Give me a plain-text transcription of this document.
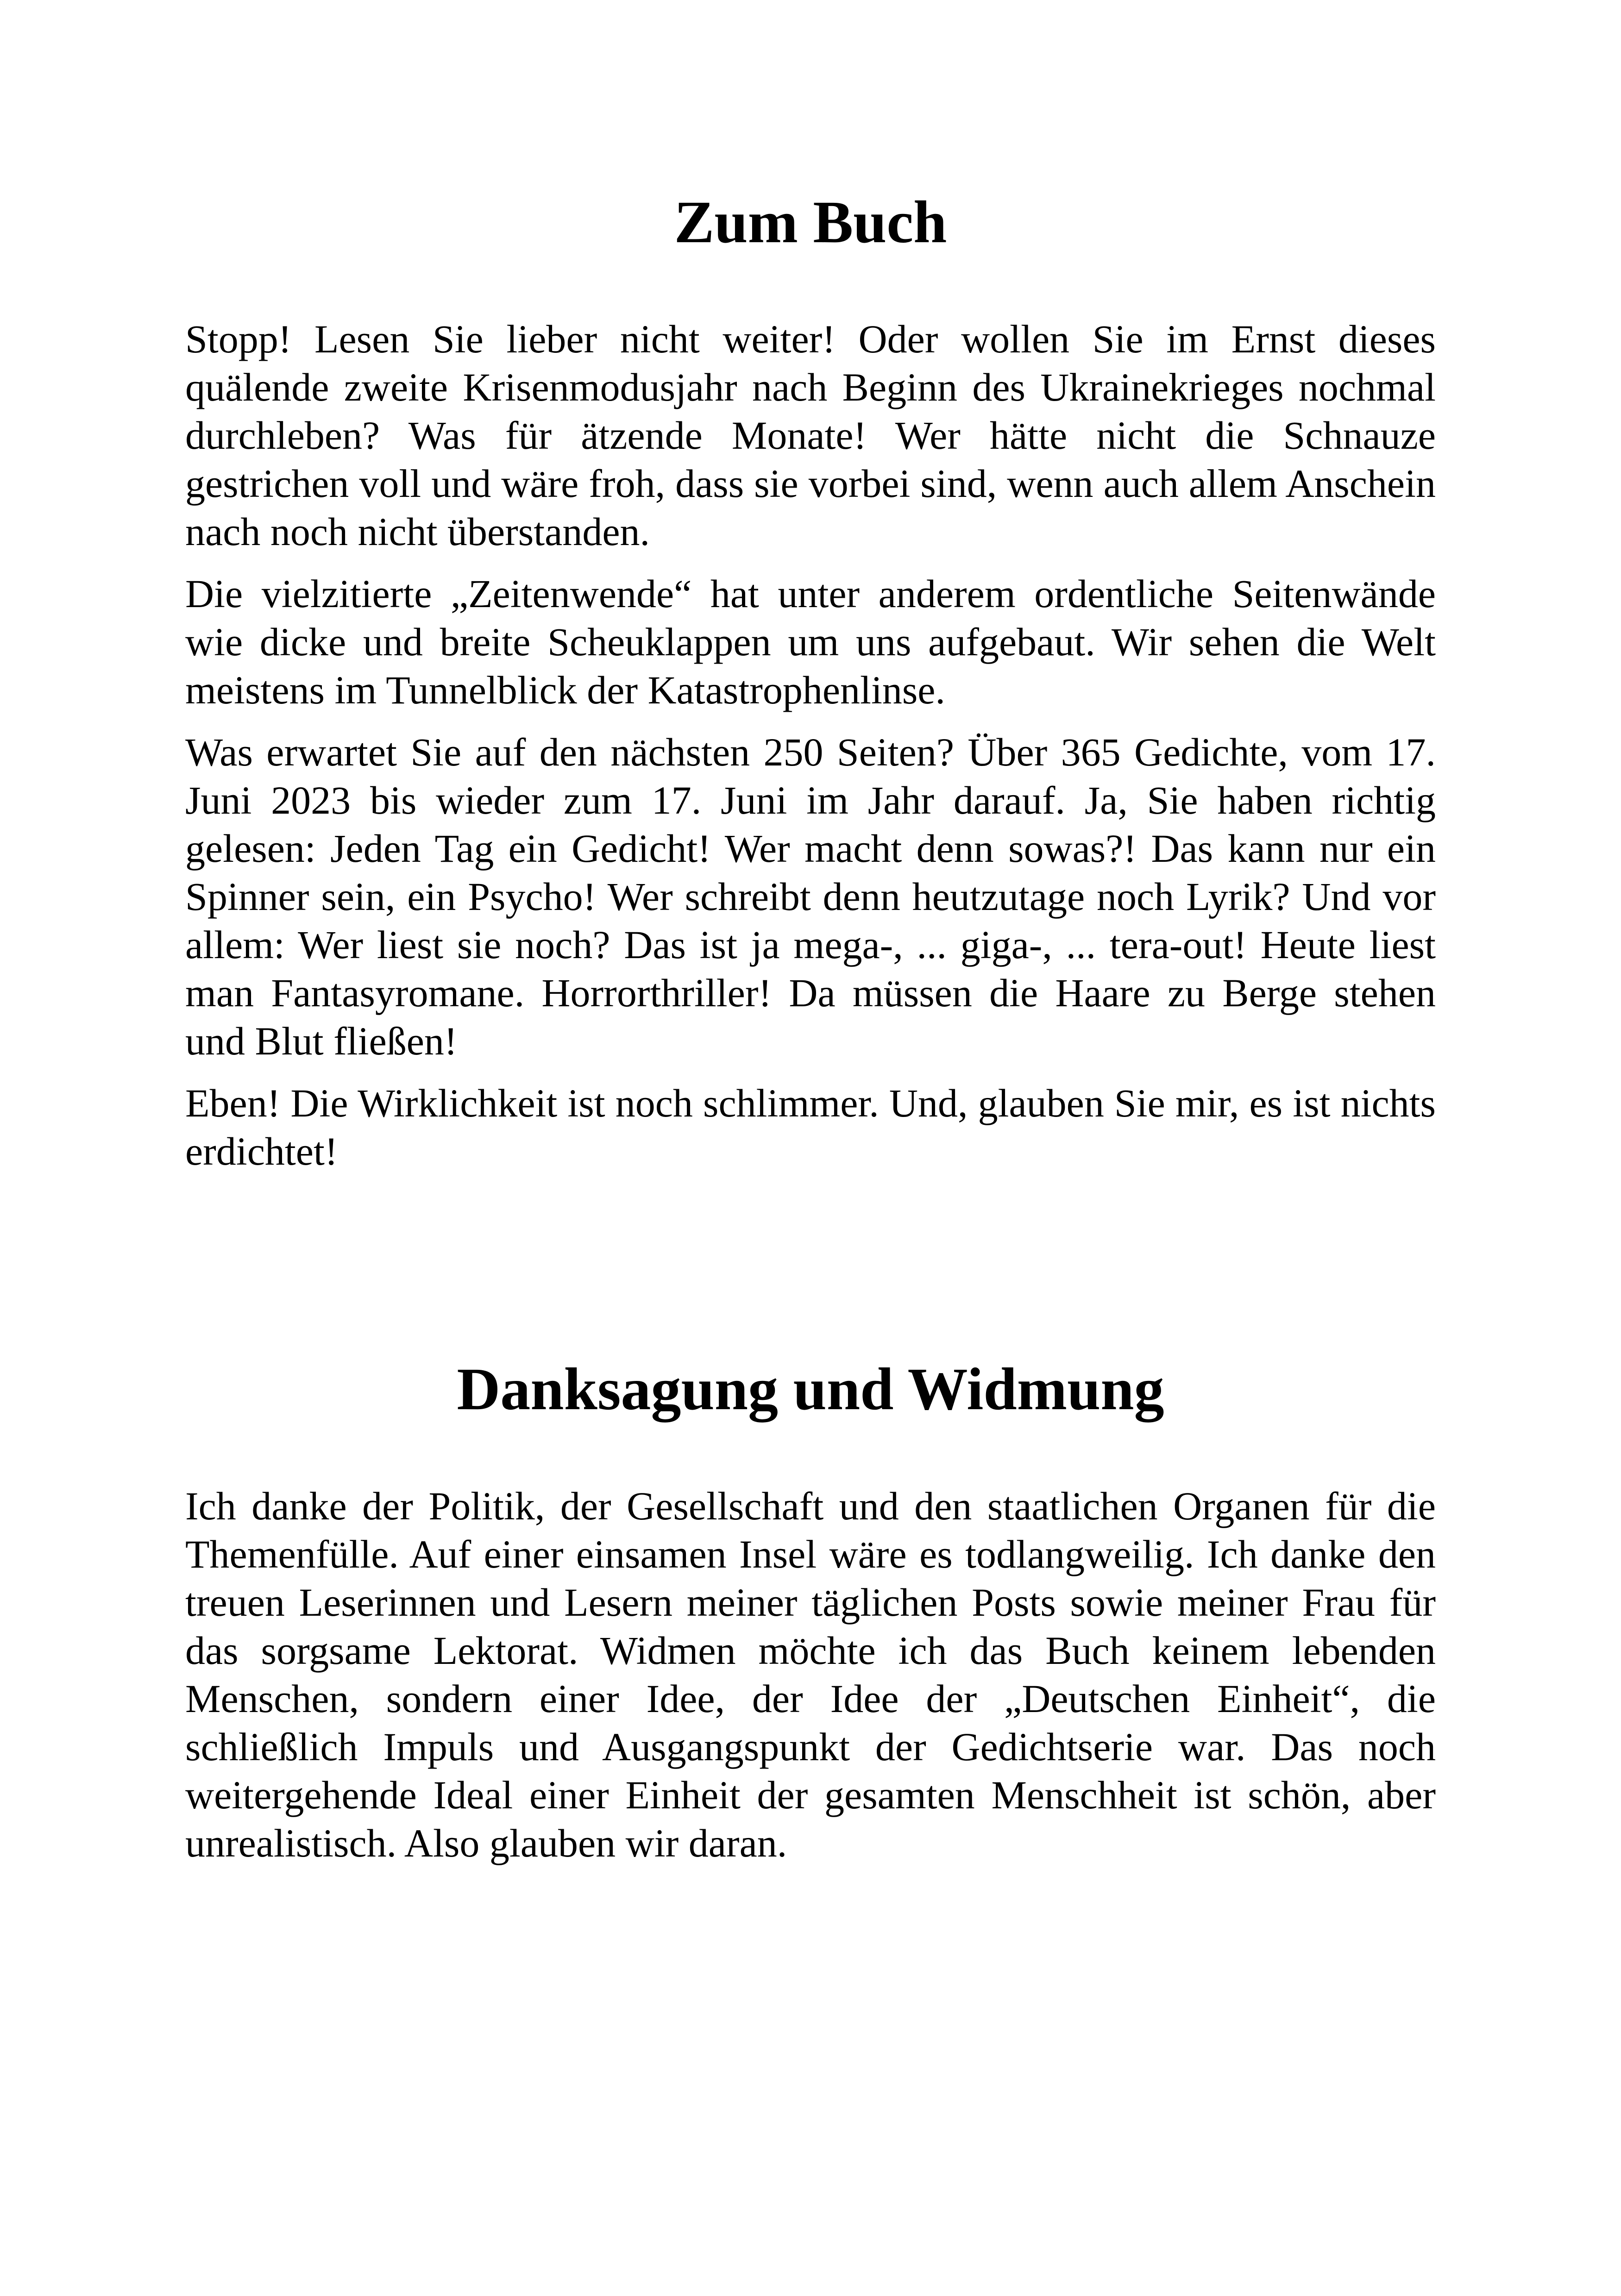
Zum Buch

Stopp! Lesen Sie lieber nicht weiter! Oder wollen Sie im Ernst dieses quälende zweite Krisenmodusjahr nach Beginn des Ukrainekrieges nochmal durchleben? Was für ätzende Monate! Wer hätte nicht die Schnauze gestrichen voll und wäre froh, dass sie vorbei sind, wenn auch allem Anschein nach noch nicht überstanden.

Die vielzitierte „Zeitenwende“ hat unter anderem ordentliche Seitenwände wie dicke und breite Scheuklappen um uns aufgebaut. Wir sehen die Welt meistens im Tunnelblick der Katastrophenlinse.

Was erwartet Sie auf den nächsten 250 Seiten? Über 365 Gedichte, vom 17. Juni 2023 bis wieder zum 17. Juni im Jahr darauf. Ja, Sie haben richtig gelesen: Jeden Tag ein Gedicht! Wer macht denn sowas?! Das kann nur ein Spinner sein, ein Psycho! Wer schreibt denn heutzutage noch Lyrik? Und vor allem: Wer liest sie noch? Das ist ja mega-, ... giga-, ... tera-out! Heute liest man Fantasyromane. Horrorthriller! Da müssen die Haare zu Berge stehen und Blut fließen!

Eben! Die Wirklichkeit ist noch schlimmer. Und, glauben Sie mir, es ist nichts erdichtet!

Danksagung und Widmung

Ich danke der Politik, der Gesellschaft und den staatlichen Organen für die Themenfülle. Auf einer einsamen Insel wäre es todlangweilig. Ich danke den treuen Leserinnen und Lesern meiner täglichen Posts sowie meiner Frau für das sorgsame Lektorat. Widmen möchte ich das Buch keinem lebenden Menschen, sondern einer Idee, der Idee der „Deutschen Einheit“, die schließlich Impuls und Ausgangspunkt der Gedichtserie war. Das noch weitergehende Ideal einer Einheit der gesamten Menschheit ist schön, aber unrealistisch. Also glauben wir daran.
